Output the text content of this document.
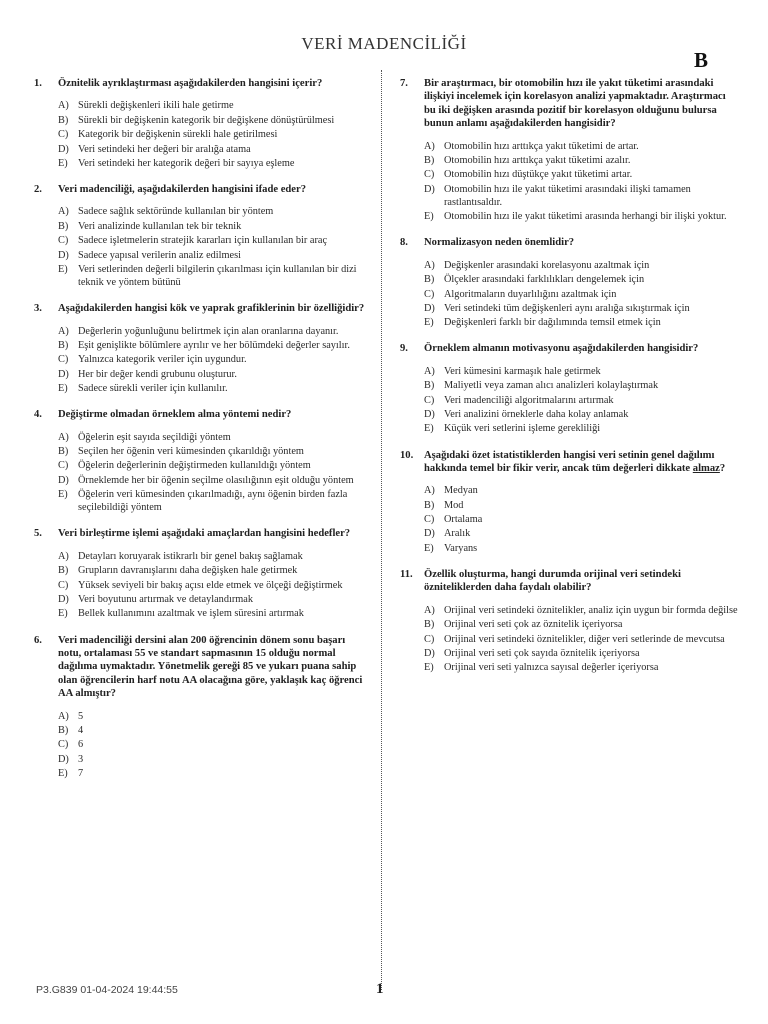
VERİ MADENCİLİĞİ
B
1.	Öznitelik ayrıklaştırması aşağıdakilerden hangisini içerir?
A) Sürekli değişkenleri ikili hale getirme
B) Sürekli bir değişkenin kategorik bir değişkene dönüştürülmesi
C) Kategorik bir değişkenin sürekli hale getirilmesi
D) Veri setindeki her değeri bir aralığa atama
E) Veri setindeki her kategorik değeri bir sayıya eşleme
2.	Veri madenciliği, aşağıdakilerden hangisini ifade eder?
A) Sadece sağlık sektöründe kullanılan bir yöntem
B) Veri analizinde kullanılan tek bir teknik
C) Sadece işletmelerin stratejik kararları için kullanılan bir araç
D) Sadece yapısal verilerin analiz edilmesi
E) Veri setlerinden değerli bilgilerin çıkarılması için kullanılan bir dizi teknik ve yöntem bütünü
3.	Aşağıdakilerden hangisi kök ve yaprak grafiklerinin bir özelliğidir?
A) Değerlerin yoğunluğunu belirtmek için alan oranlarına dayanır.
B) Eşit genişlikte bölümlere ayrılır ve her bölümdeki değerler sayılır.
C) Yalnızca kategorik veriler için uygundur.
D) Her bir değer kendi grubunu oluşturur.
E) Sadece sürekli veriler için kullanılır.
4.	Değiştirme olmadan örneklem alma yöntemi nedir?
A) Öğelerin eşit sayıda seçildiği yöntem
B) Seçilen her öğenin veri kümesinden çıkarıldığı yöntem
C) Öğelerin değerlerinin değiştirmeden kullanıldığı yöntem
D) Örneklemde her bir öğenin seçilme olasılığının eşit olduğu yöntem
E) Öğelerin veri kümesinden çıkarılmadığı, aynı öğenin birden fazla seçilebildiği yöntem
5.	Veri birleştirme işlemi aşağıdaki amaçlardan hangisini hedefler?
A) Detayları koruyarak istikrarlı bir genel bakış sağlamak
B) Grupların davranışlarını daha değişken hale getirmek
C) Yüksek seviyeli bir bakış açısı elde etmek ve ölçeği değiştirmek
D) Veri boyutunu artırmak ve detaylandırmak
E) Bellek kullanımını azaltmak ve işlem süresini artırmak
6.	Veri madenciliği dersini alan 200 öğrencinin dönem sonu başarı notu, ortalaması 55 ve standart sapmasının 15 olduğu normal dağılıma uymaktadır. Yönetmelik gereği 85 ve yukarı puana sahip olan öğrencilerin harf notu AA olacağına göre, yaklaşık kaç öğrenci AA almıştır?
A) 5
B) 4
C) 6
D) 3
E) 7
7.	Bir araştırmacı, bir otomobilin hızı ile yakıt tüketimi arasındaki ilişkiyi incelemek için korelasyon analizi yapmaktadır. Araştırmacı bu iki değişken arasında pozitif bir korelasyon olduğunu bulursa bunun anlamı aşağıdakilerden hangisidir?
A) Otomobilin hızı arttıkça yakıt tüketimi de artar.
B) Otomobilin hızı arttıkça yakıt tüketimi azalır.
C) Otomobilin hızı düştükçe yakıt tüketimi artar.
D) Otomobilin hızı ile yakıt tüketimi arasındaki ilişki tamamen rastlantısaldır.
E) Otomobilin hızı ile yakıt tüketimi arasında herhangi bir ilişki yoktur.
8.	Normalizasyon neden önemlidir?
A) Değişkenler arasındaki korelasyonu azaltmak için
B) Ölçekler arasındaki farklılıkları dengelemek için
C) Algoritmaların duyarlılığını azaltmak için
D) Veri setindeki tüm değişkenleri aynı aralığa sıkıştırmak için
E) Değişkenleri farklı bir dağılımında temsil etmek için
9.	Örneklem almanın motivasyonu aşağıdakilerden hangisidir?
A) Veri kümesini karmaşık hale getirmek
B) Maliyetli veya zaman alıcı analizleri kolaylaştırmak
C) Veri madenciliği algoritmalarını artırmak
D) Veri analizini örneklerle daha kolay anlamak
E) Küçük veri setlerini işleme gerekliliği
10.	Aşağıdaki özet istatistiklerden hangisi veri setinin genel dağılımı hakkında temel bir fikir verir, ancak tüm değerleri dikkate almaz?
A) Medyan
B) Mod
C) Ortalama
D) Aralık
E) Varyans
11.	Özellik oluşturma, hangi durumda orijinal veri setindeki özniteliklerden daha faydalı olabilir?
A) Orijinal veri setindeki öznitelikler, analiz için uygun bir formda değilse
B) Orijinal veri seti çok az öznitelik içeriyorsa
C) Orijinal veri setindeki öznitelikler, diğer veri setlerinde de mevcutsa
D) Orijinal veri seti çok sayıda öznitelik içeriyorsa
E) Orijinal veri seti yalnızca sayısal değerler içeriyorsa
P3.G839 01-04-2024 19:44:55	1
